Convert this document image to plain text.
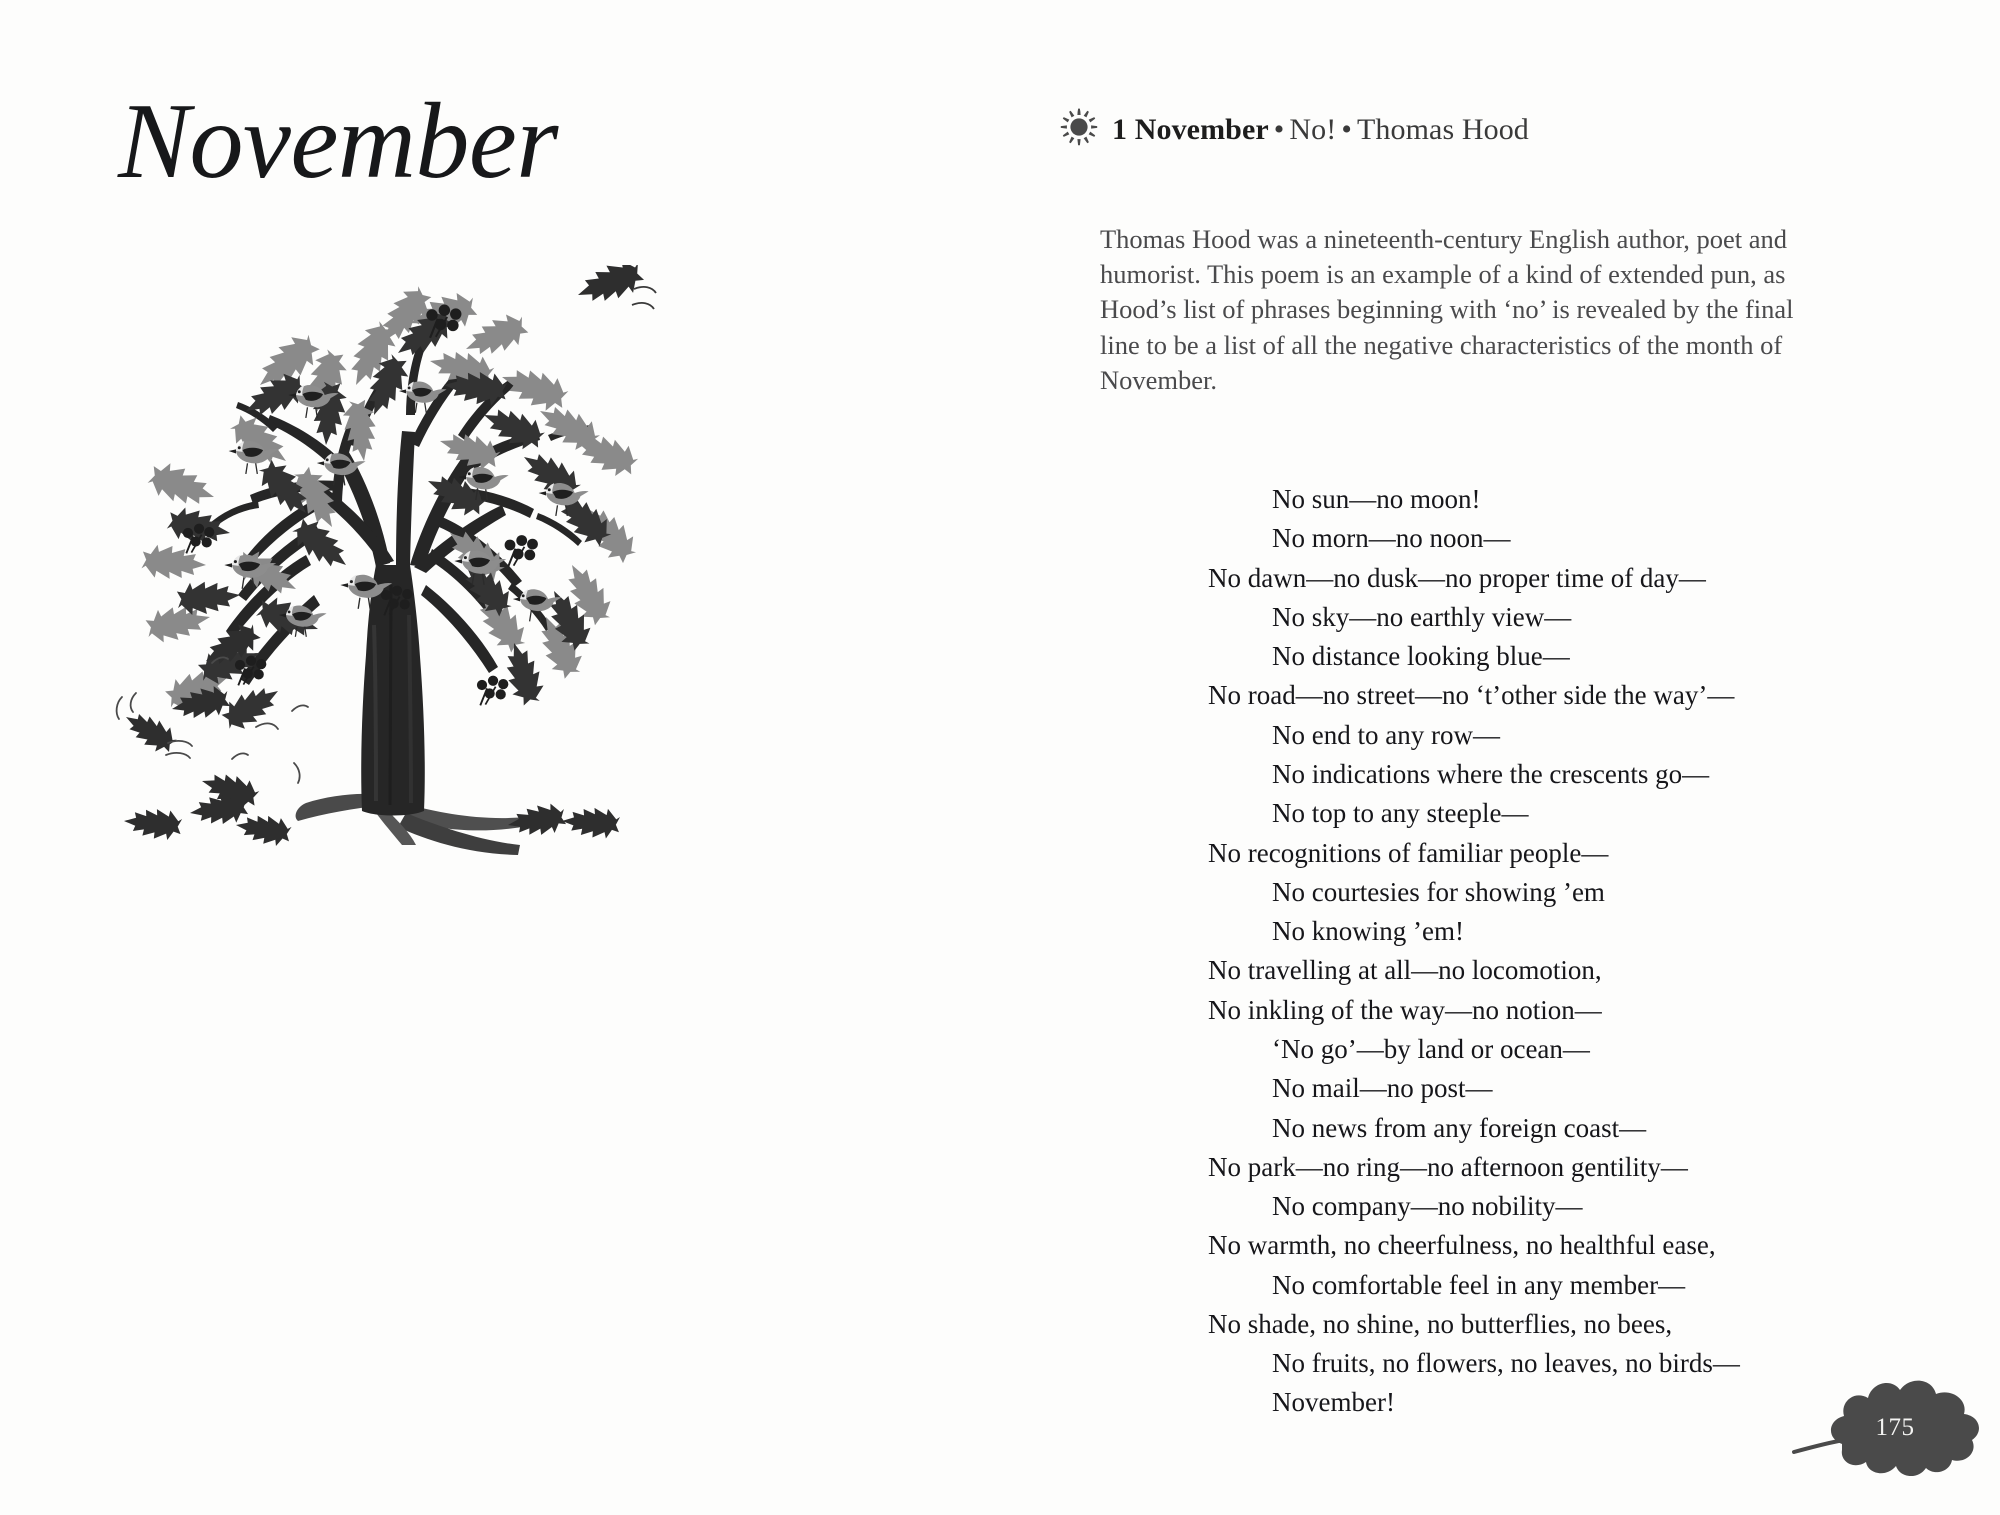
November	1 November • No! • Thomas Hood
Thomas Hood was a nineteenth-century English author, poet and humorist. This poem is an example of a kind of extended pun, as Hood’s list of phrases beginning with ‘no’ is revealed by the final line to be a list of all the negative characteristics of the month of November.
No sun—no moon!
No morn—no noon—
No dawn—no dusk—no proper time of day—
No sky—no earthly view—
No distance looking blue—
No road—no street—no ‘t’other side the way’—
No end to any row—
No indications where the crescents go—
No top to any steeple—
No recognitions of familiar people—
No courtesies for showing ’em
No knowing ’em!
No travelling at all—no locomotion,
No inkling of the way—no notion—
‘No go’—by land or ocean—
No mail—no post—
No news from any foreign coast—
No park—no ring—no afternoon gentility—
No company—no nobility—
No warmth, no cheerfulness, no healthful ease,
No comfortable feel in any member—
No shade, no shine, no butterflies, no bees,
No fruits, no flowers, no leaves, no birds—
November!
175
